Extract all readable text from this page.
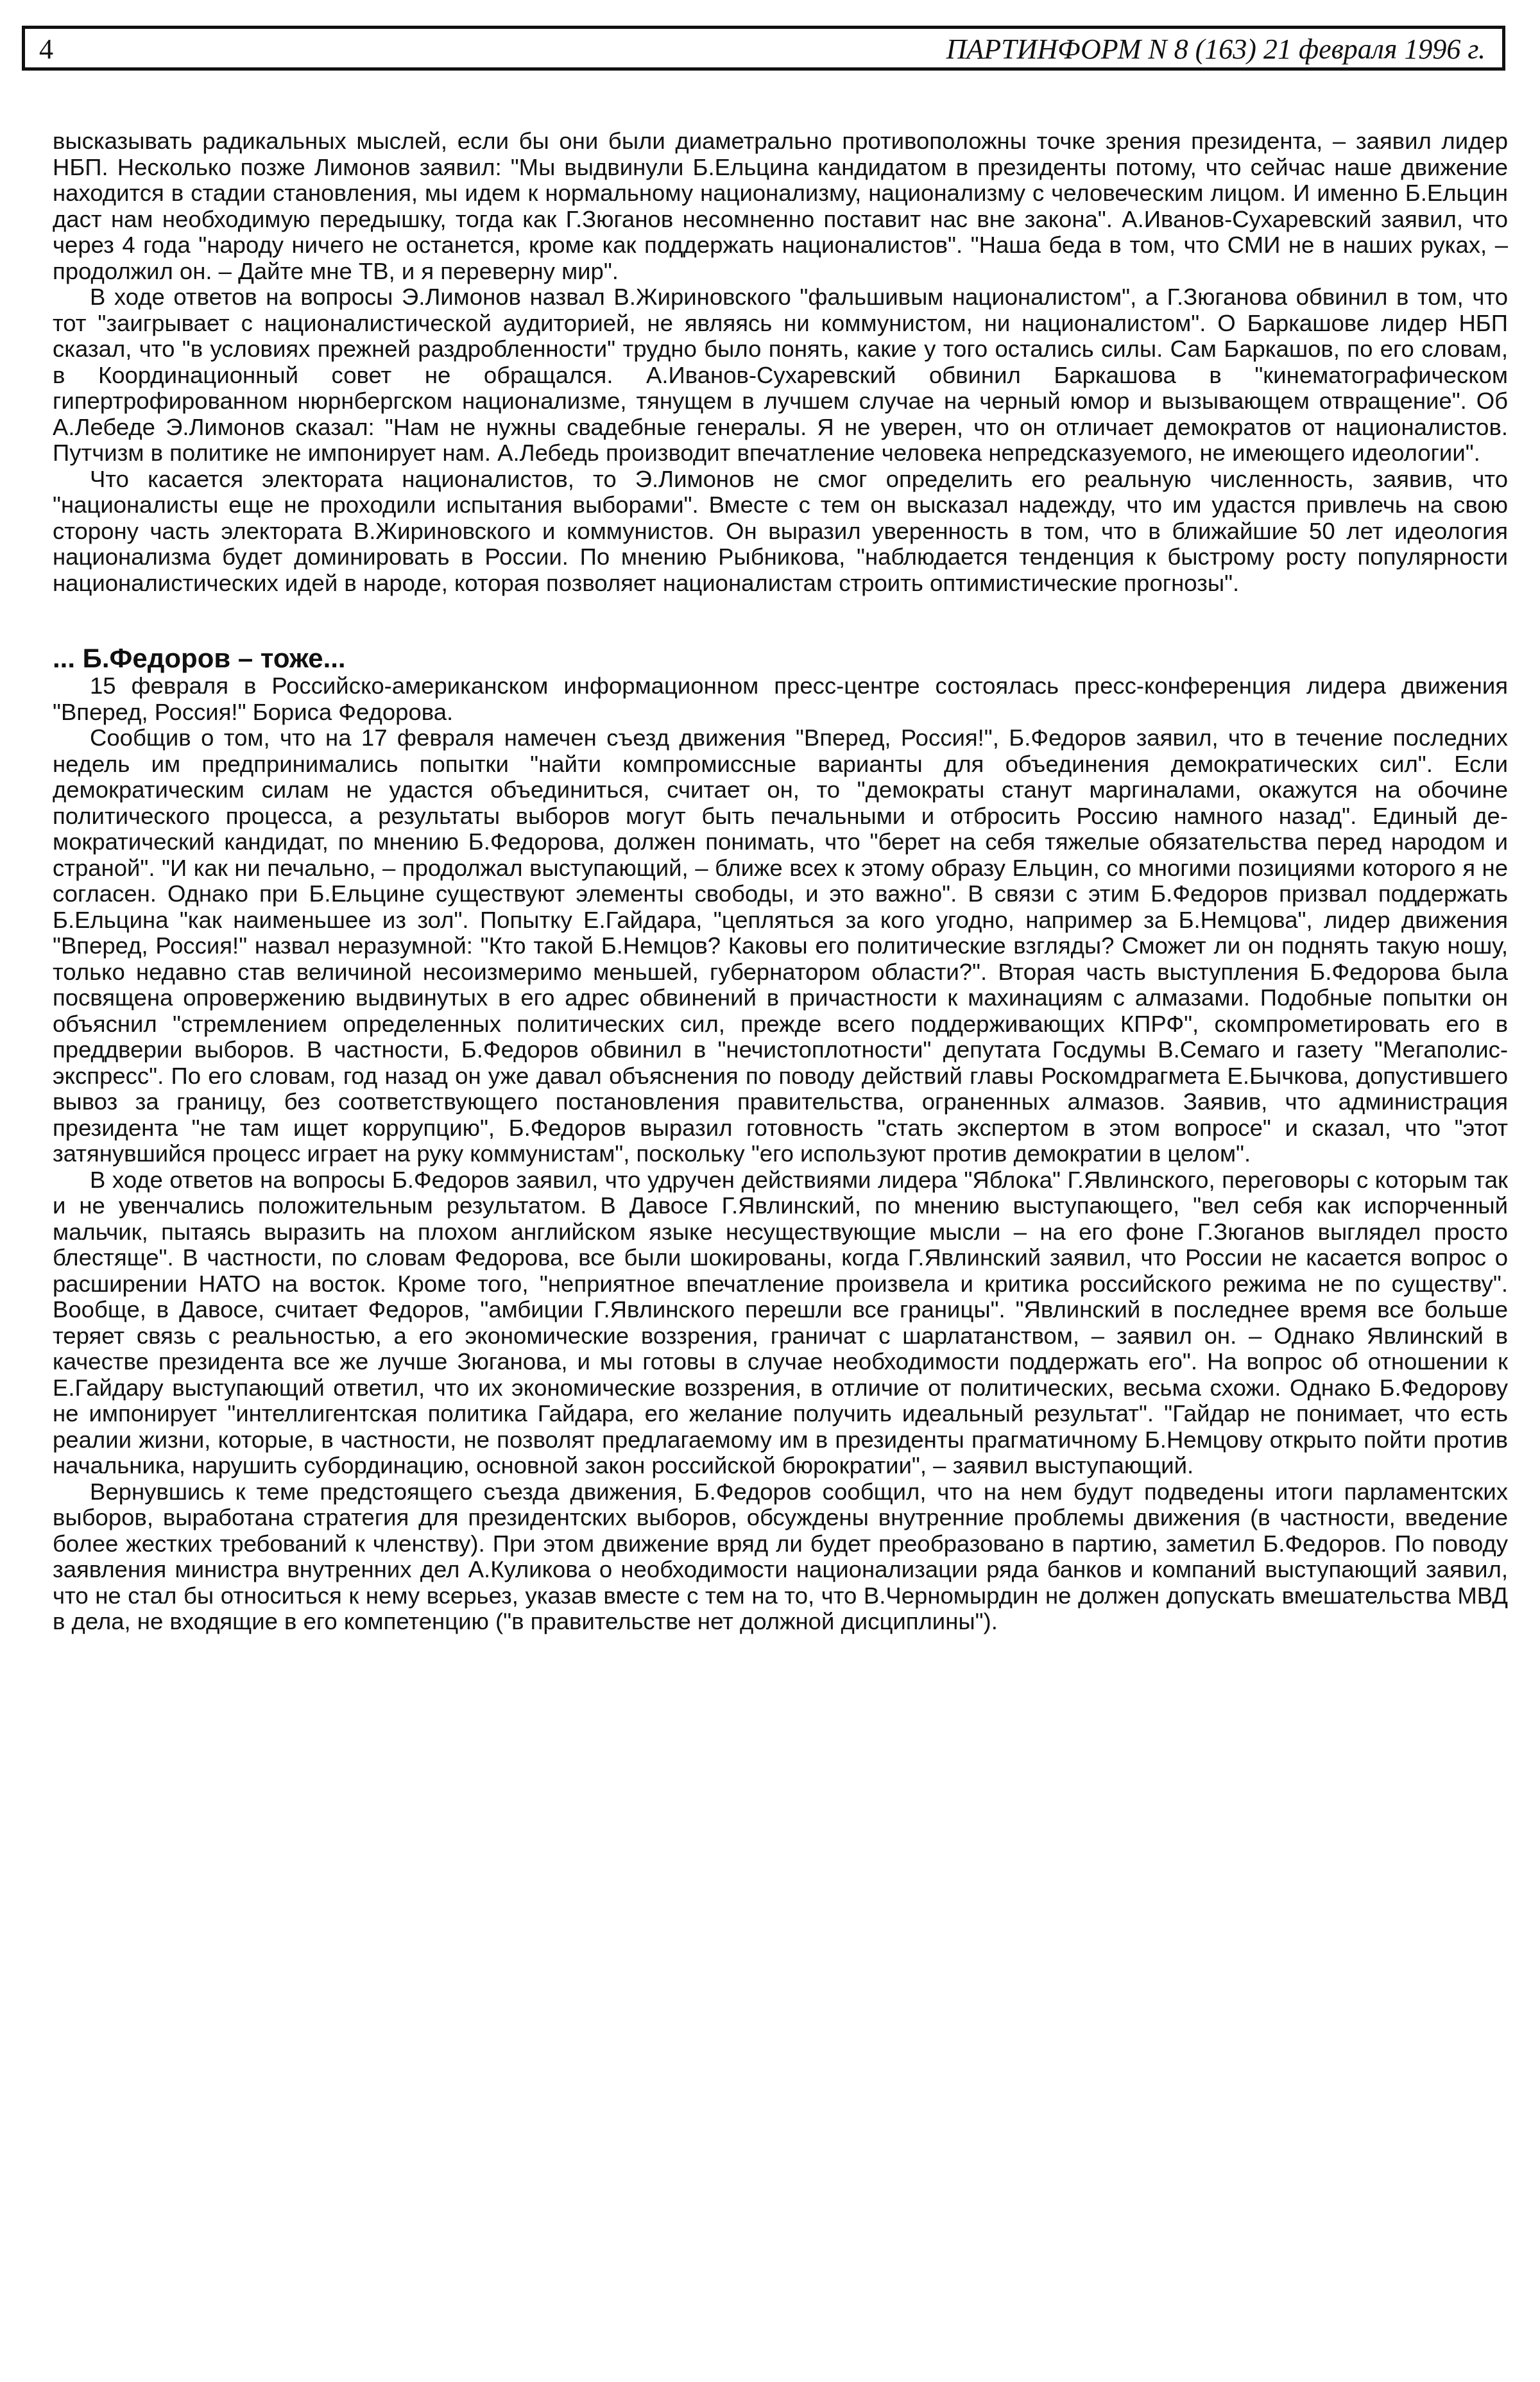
4	ПАРТИНФОРМ N 8 (163) 21 февраля 1996 г.

высказывать радикальных мыслей, если бы они были диаметрально противоположны точке зрения президента, – заявил лидер НБП. Несколько позже Лимонов заявил: "Мы выдвинули Б.Ельцина кандидатом в президенты потому, что сейчас наше движение находится в стадии становления, мы идем к нормальному национализму, национализму с человеческим лицом. И именно Б.Ельцин даст нам необходимую передышку, тогда как Г.Зюганов несомненно поставит нас вне закона". А.Иванов-Сухаревский заявил, что через 4 года "народу ничего не останется, кроме как поддержать националистов". "Наша беда в том, что СМИ не в наших руках, – продолжил он. – Дайте мне ТВ, и я переверну мир".

В ходе ответов на вопросы Э.Лимонов назвал В.Жириновского "фальшивым националистом", а Г.Зюганова обвинил в том, что тот "заигрывает с националистической аудиторией, не являясь ни коммунистом, ни националистом". О Баркашове лидер НБП сказал, что "в условиях прежней раздробленности" трудно было понять, какие у того остались силы. Сам Баркашов, по его словам, в Координационный совет не обращался. А.Иванов-Сухаревский обвинил Баркашова в "кинематографическом гипертрофированном нюрнбергском национализме, тянущем в лучшем случае на черный юмор и вызывающем отвращение". Об А.Лебеде Э.Лимонов сказал: "Нам не нужны свадебные генералы. Я не уверен, что он отличает демократов от националистов. Путчизм в политике не импонирует нам. А.Лебедь производит впечатление человека непредсказуемого, не имеющего идеологии".

Что касается электората националистов, то Э.Лимонов не смог определить его реальную численность, заявив, что "националисты еще не проходили испытания выборами". Вместе с тем он высказал надежду, что им удастся привлечь на свою сторону часть электората В.Жириновского и коммунистов. Он выразил уверенность в том, что в ближайшие 50 лет идеология национализма будет доминировать в России. По мнению Рыбникова, "наблюдается тенденция к быстрому росту популярности националистических идей в народе, которая позволяет националистам строить оптимистические прогнозы".

... Б.Федоров – тоже...

15 февраля в Российско-американском информационном пресс-центре состоялась пресс-конференция лидера движения "Вперед, Россия!" Бориса Федорова.

Сообщив о том, что на 17 февраля намечен съезд движения "Вперед, Россия!", Б.Федоров заявил, что в течение последних недель им предпринимались попытки "найти компромиссные варианты для объединения демократических сил". Если демократическим силам не удастся объединиться, считает он, то "демократы станут маргиналами, окажутся на обочине политического процесса, а результаты выборов могут быть печальными и отбросить Россию намного назад". Единый де-мократический кандидат, по мнению Б.Федорова, должен понимать, что "берет на себя тяжелые обязательства перед народом и страной". "И как ни печально, – продолжал выступающий, – ближе всех к этому образу Ельцин, со многими позициями которого я не согласен. Однако при Б.Ельцине существуют элементы свободы, и это важно". В связи с этим Б.Федоров призвал поддержать Б.Ельцина "как наименьшее из зол". Попытку Е.Гайдара, "цепляться за кого угодно, например за Б.Немцова", лидер движения "Вперед, Россия!" назвал неразумной: "Кто такой Б.Немцов? Каковы его политические взгляды? Сможет ли он поднять такую ношу, только недавно став величиной несоизмеримо меньшей, губернатором области?". Вторая часть выступления Б.Федорова была посвящена опровержению выдвинутых в его адрес обвинений в причастности к махинациям с алмазами. Подобные попытки он объяснил "стремлением определенных политических сил, прежде всего поддерживающих КПРФ", скомпрометировать его в преддверии выборов. В частности, Б.Федоров обвинил в "нечистоплотности" депутата Госдумы В.Семаго и газету "Мегаполис-экспресс". По его словам, год назад он уже давал объяснения по поводу действий главы Роскомдрагмета Е.Бычкова, допустившего вывоз за границу, без соответствующего постановления правительства, ограненных алмазов. Заявив, что администрация президента "не там ищет коррупцию", Б.Федоров выразил готовность "стать экспертом в этом вопросе" и сказал, что "этот затянувшийся процесс играет на руку коммунистам", поскольку "его используют против демократии в целом".

В ходе ответов на вопросы Б.Федоров заявил, что удручен действиями лидера "Яблока" Г.Явлинского, переговоры с которым так и не увенчались положительным результатом. В Давосе Г.Явлинский, по мнению выступающего, "вел себя как испорченный мальчик, пытаясь выразить на плохом английском языке несуществующие мысли – на его фоне Г.Зюганов выглядел просто блестяще". В частности, по словам Федорова, все были шокированы, когда Г.Явлинский заявил, что России не касается вопрос о расширении НАТО на восток. Кроме того, "неприятное впечатление произвела и критика российского режима не по существу". Вообще, в Давосе, считает Федоров, "амбиции Г.Явлинского перешли все границы". "Явлинский в последнее время все больше теряет связь с реальностью, а его экономические воззрения, граничат с шарлатанством, – заявил он. – Однако Явлинский в качестве президента все же лучше Зюганова, и мы готовы в случае необходимости поддержать его". На вопрос об отношении к Е.Гайдару выступающий ответил, что их экономические воззрения, в отличие от политических, весьма схожи. Однако Б.Федорову не импонирует "интеллигентская политика Гайдара, его желание получить идеальный результат". "Гайдар не понимает, что есть реалии жизни, которые, в частности, не позволят предлагаемому им в президенты прагматичному Б.Немцову открыто пойти против начальника, нарушить субординацию, основной закон российской бюрократии", – заявил выступающий.

Вернувшись к теме предстоящего съезда движения, Б.Федоров сообщил, что на нем будут подведены итоги парламентских выборов, выработана стратегия для президентских выборов, обсуждены внутренние проблемы движения (в частности, введение более жестких требований к членству). При этом движение вряд ли будет преобразовано в партию, заметил Б.Федоров. По поводу заявления министра внутренних дел А.Куликова о необходимости национализации ряда банков и компаний выступающий заявил, что не стал бы относиться к нему всерьез, указав вместе с тем на то, что В.Черномырдин не должен допускать вмешательства МВД в дела, не входящие в его компетенцию ("в правительстве нет должной дисциплины").
